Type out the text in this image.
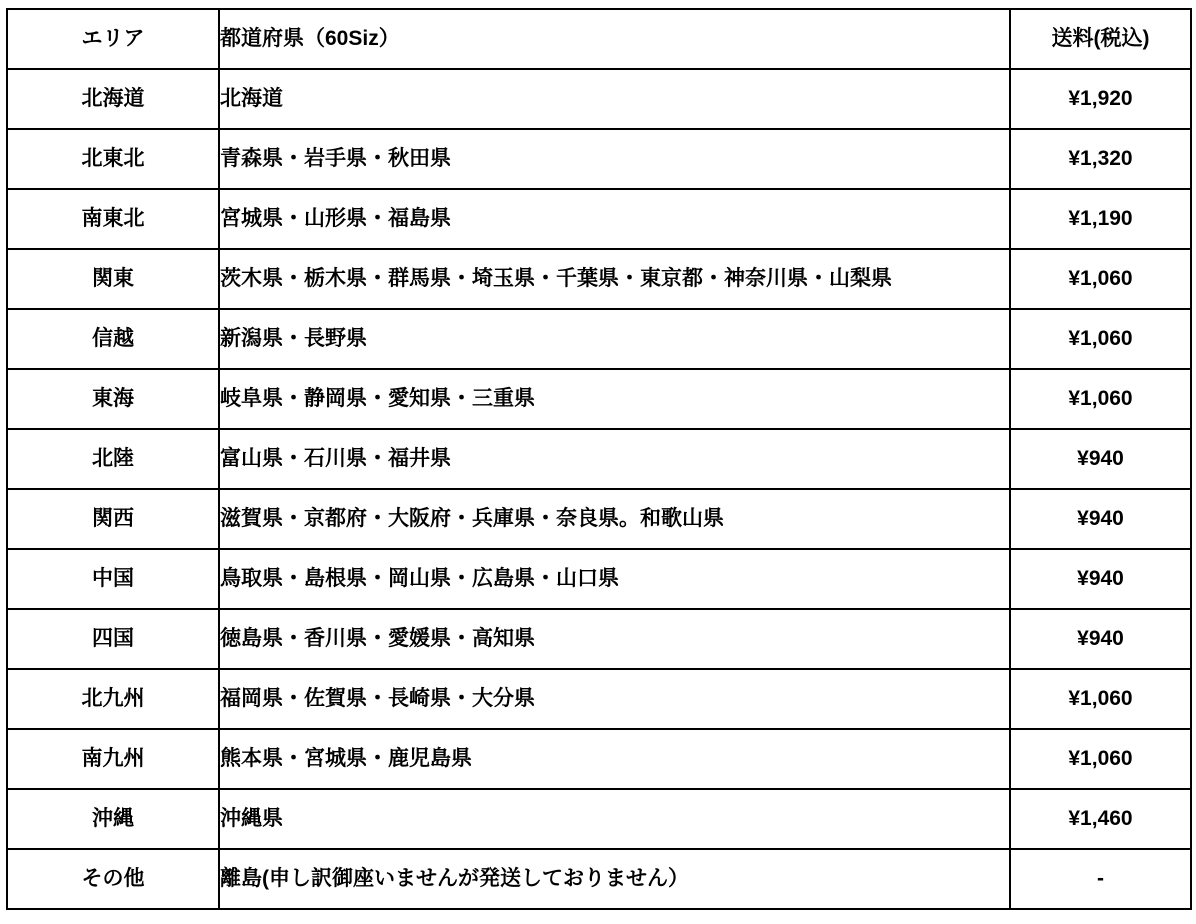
エリア	都道府県（60Siz）	送料(税込)
北海道	北海道	¥1,920
北東北	青森県・岩手県・秋田県	¥1,320
南東北	宮城県・山形県・福島県	¥1,190
関東	茨木県・栃木県・群馬県・埼玉県・千葉県・東京都・神奈川県・山梨県	¥1,060
信越	新潟県・長野県	¥1,060
東海	岐阜県・静岡県・愛知県・三重県	¥1,060
北陸	富山県・石川県・福井県	¥940
関西	滋賀県・京都府・大阪府・兵庫県・奈良県。和歌山県	¥940
中国	鳥取県・島根県・岡山県・広島県・山口県	¥940
四国	徳島県・香川県・愛媛県・高知県	¥940
北九州	福岡県・佐賀県・長崎県・大分県	¥1,060
南九州	熊本県・宮城県・鹿児島県	¥1,060
沖縄	沖縄県	¥1,460
その他	離島(申し訳御座いませんが発送しておりません）	-
